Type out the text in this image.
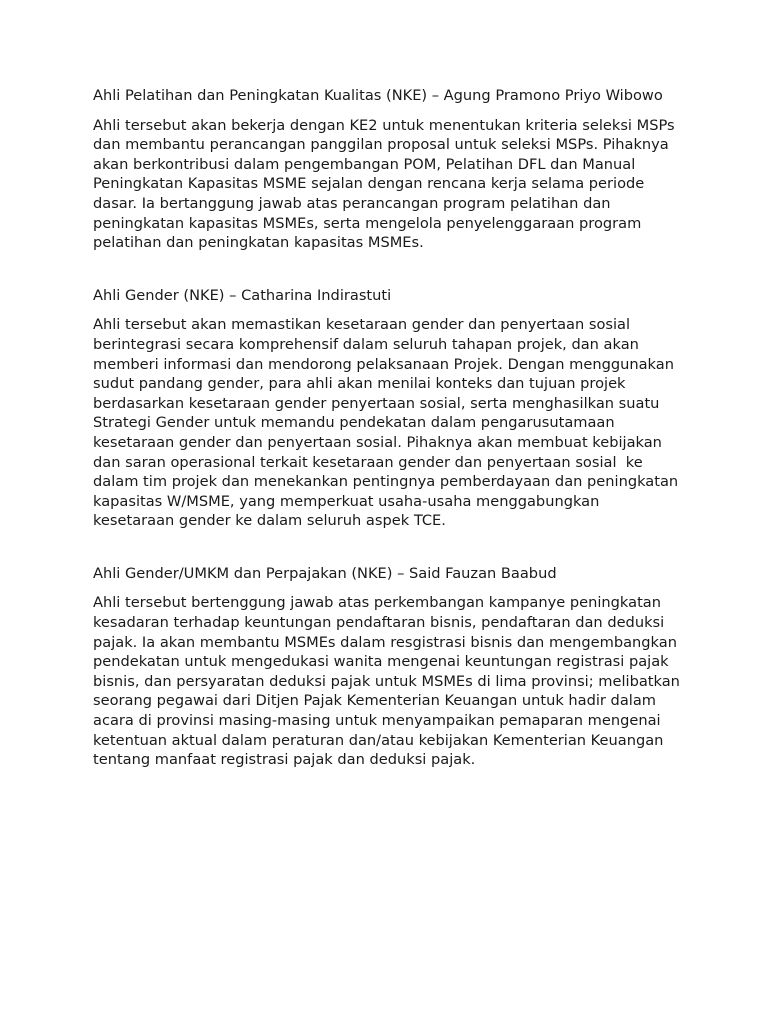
Ahli Pelatihan dan Peningkatan Kualitas (NKE) – Agung Pramono Priyo Wibowo

Ahli tersebut akan bekerja dengan KE2 untuk menentukan kriteria seleksi MSPs dan membantu perancangan panggilan proposal untuk seleksi MSPs. Pihaknya akan berkontribusi dalam pengembangan POM, Pelatihan DFL dan Manual Peningkatan Kapasitas MSME sejalan dengan rencana kerja selama periode dasar. Ia bertanggung jawab atas perancangan program pelatihan dan peningkatan kapasitas MSMEs, serta mengelola penyelenggaraan program pelatihan dan peningkatan kapasitas MSMEs.

Ahli Gender (NKE) – Catharina Indirastuti

Ahli tersebut akan memastikan kesetaraan gender dan penyertaan sosial berintegrasi secara komprehensif dalam seluruh tahapan projek, dan akan memberi informasi dan mendorong pelaksanaan Projek. Dengan menggunakan sudut pandang gender, para ahli akan menilai konteks dan tujuan projek berdasarkan kesetaraan gender penyertaan sosial, serta menghasilkan suatu Strategi Gender untuk memandu pendekatan dalam pengarusutamaan kesetaraan gender dan penyertaan sosial. Pihaknya akan membuat kebijakan dan saran operasional terkait kesetaraan gender dan penyertaan sosial  ke dalam tim projek dan menekankan pentingnya pemberdayaan dan peningkatan kapasitas W/MSME, yang memperkuat usaha-usaha menggabungkan kesetaraan gender ke dalam seluruh aspek TCE.

Ahli Gender/UMKM dan Perpajakan (NKE) – Said Fauzan Baabud

Ahli tersebut bertenggung jawab atas perkembangan kampanye peningkatan kesadaran terhadap keuntungan pendaftaran bisnis, pendaftaran dan deduksi pajak. Ia akan membantu MSMEs dalam resgistrasi bisnis dan mengembangkan pendekatan untuk mengedukasi wanita mengenai keuntungan registrasi pajak bisnis, dan persyaratan deduksi pajak untuk MSMEs di lima provinsi; melibatkan seorang pegawai dari Ditjen Pajak Kementerian Keuangan untuk hadir dalam acara di provinsi masing-masing untuk menyampaikan pemaparan mengenai ketentuan aktual dalam peraturan dan/atau kebijakan Kementerian Keuangan tentang manfaat registrasi pajak dan deduksi pajak.
